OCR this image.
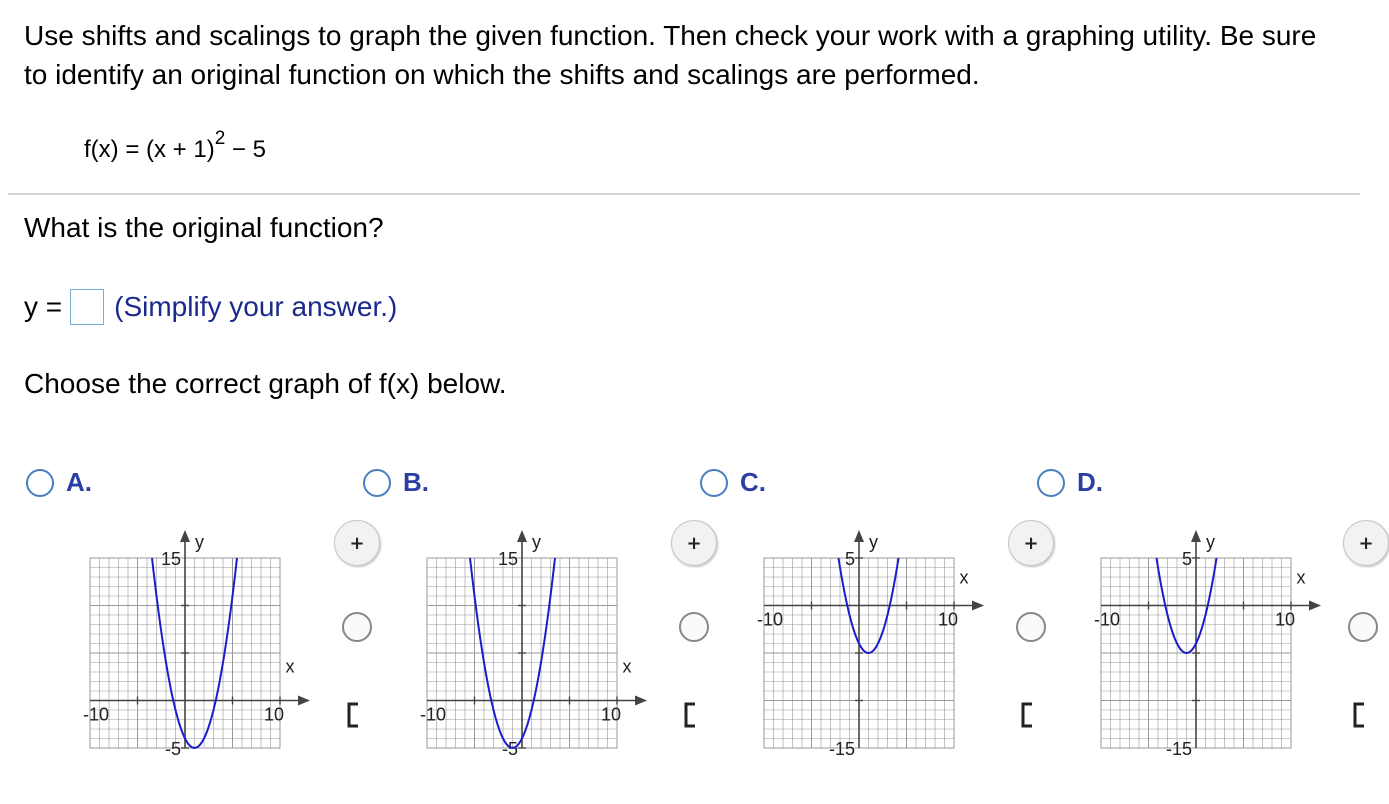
Use shifts and scalings to graph the given function. Then check your work with a graphing utility. Be sure to identify an original function on which the shifts and scalings are performed.

$f(x) = (x + 1)^2 - 5$
What is the original function?
y = (Simplify your answer.)
Choose the correct graph of f(x) below.
A.	B.	C.	D.
x
y
-10	10
15
-5
x
y
-10	10
15
-5
x
y
-10	10
5
-15
x
y
-10	10
5
-15
+	+	+	+
